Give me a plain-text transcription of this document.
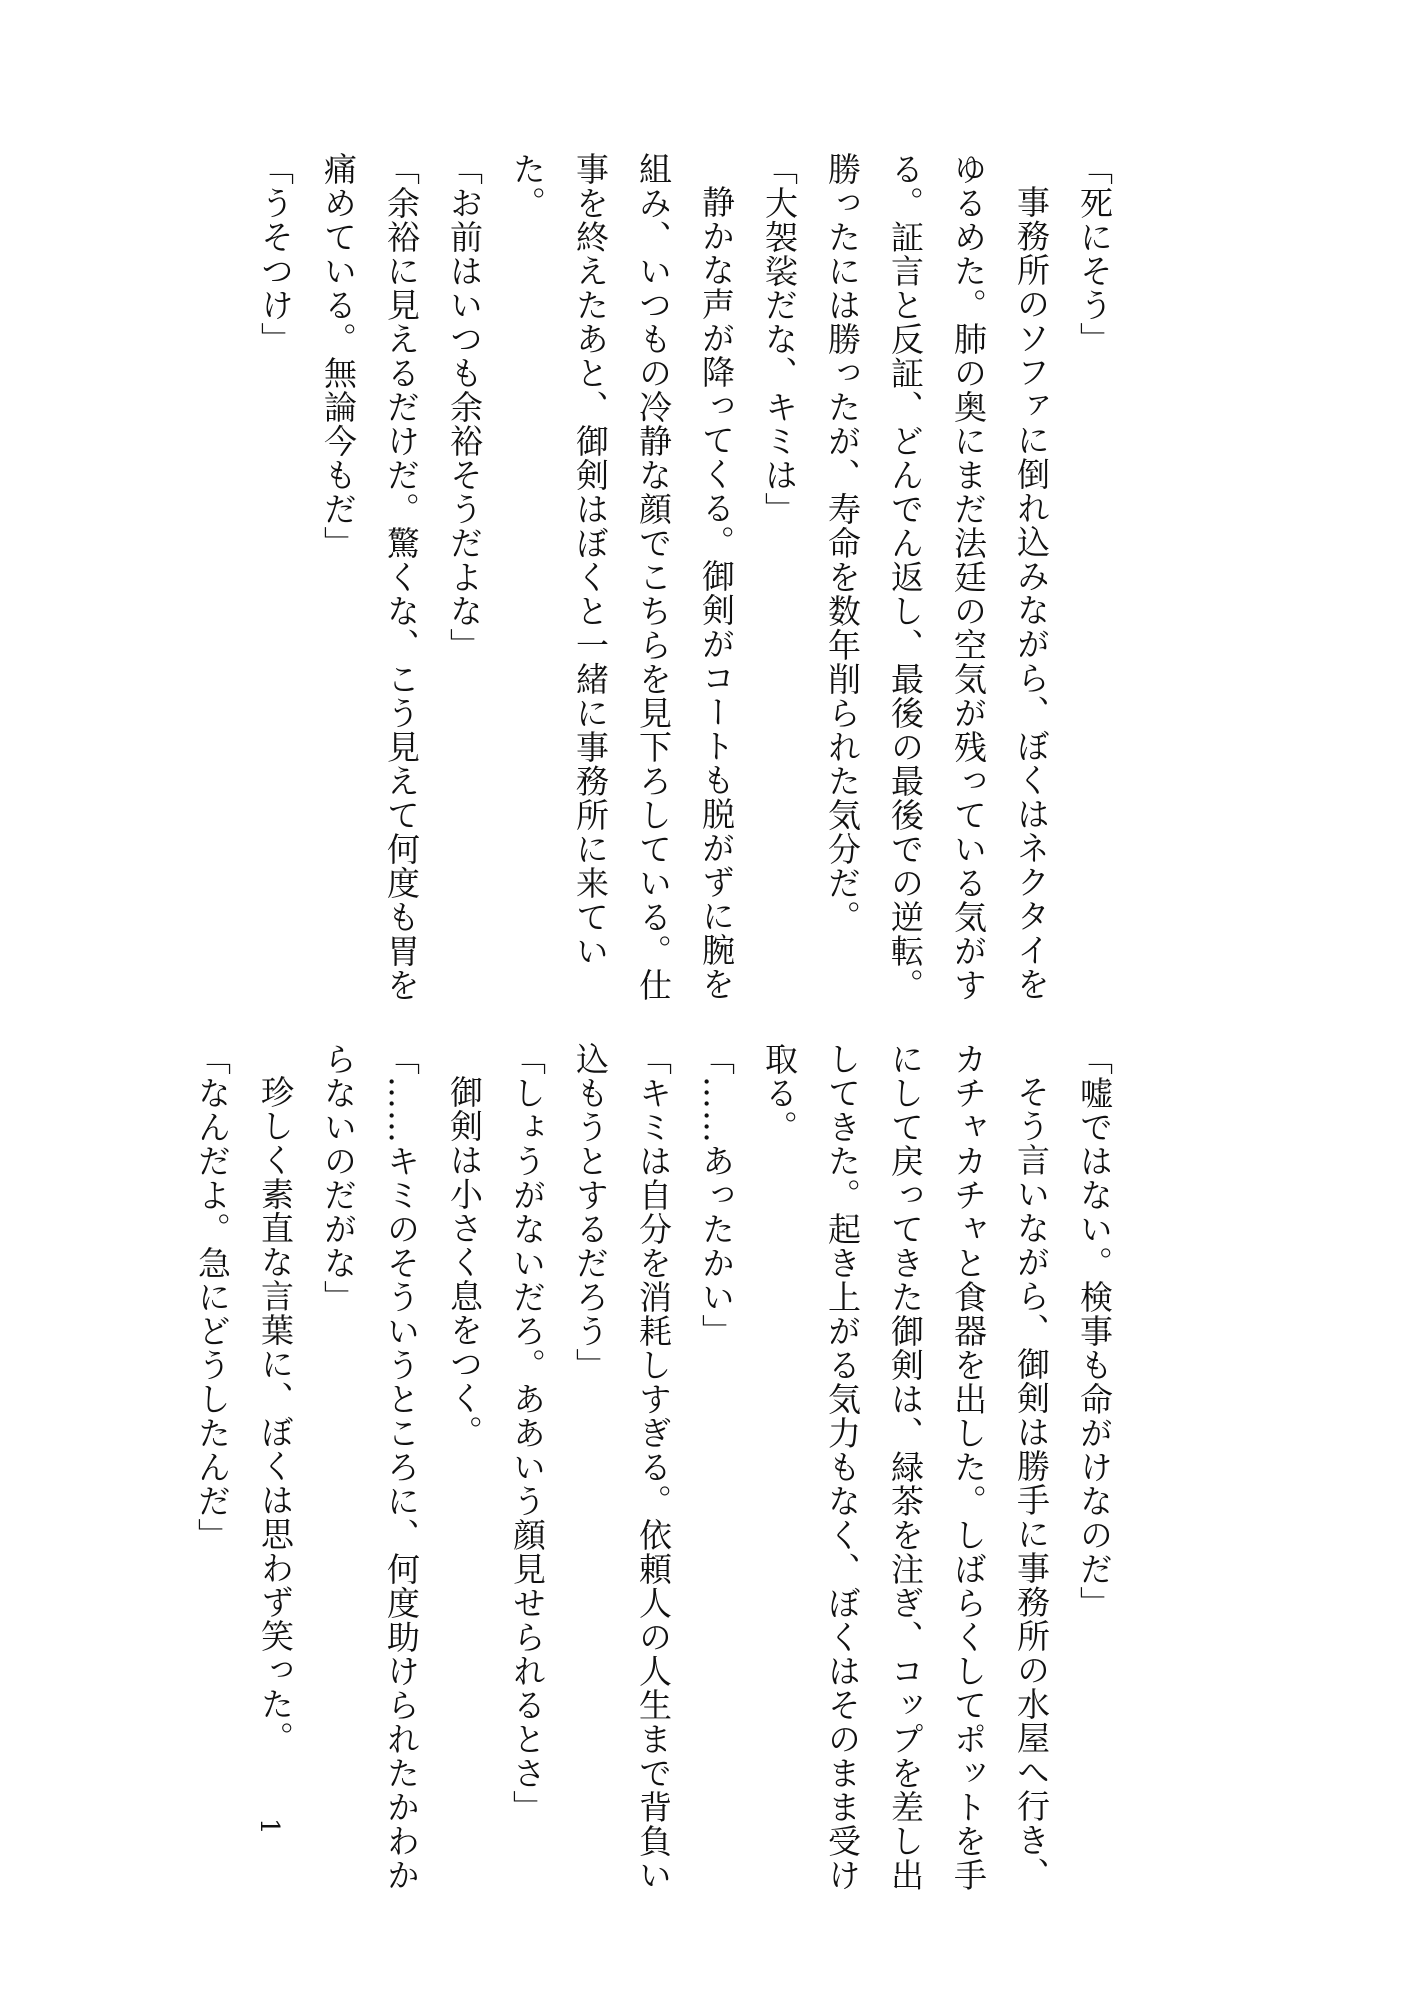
「死にそう」

事務所のソファに倒れ込みながら、ぼくはネクタイをゆるめた。肺の奥にまだ法廷の空気が残っている気がする。証言と反証、どんでん返し、最後の最後での逆転。勝ったには勝ったが、寿命を数年削られた気分だ。

「大袈裟だな、キミは」

静かな声が降ってくる。御剣がコートも脱がずに腕を組み、いつもの冷静な顔でこちらを見下ろしている。仕事を終えたあと、御剣はぼくと一緒に事務所に来ていた。

「お前はいつも余裕そうだよな」

「余裕に見えるだけだ。驚くな、こう見えて何度も胃を痛めている。無論今もだ」

「うそつけ」

「嘘ではない。検事も命がけなのだ」

そう言いながら、御剣は勝手に事務所の水屋へ行き、カチャカチャと食器を出した。しばらくしてポットを手にして戻ってきた御剣は、緑茶を注ぎ、コップを差し出してきた。起き上がる気力もなく、ぼくはそのまま受け取る。

「……あったかい」

「キミは自分を消耗しすぎる。依頼人の人生まで背負い込もうとするだろう」

「しょうがないだろ。ああいう顔見せられるとさ」

御剣は小さく息をつく。

「……キミのそういうところに、何度助けられたかわからないのだがな」

珍しく素直な言葉に、ぼくは思わず笑った。

「なんだよ。急にどうしたんだ」

1
